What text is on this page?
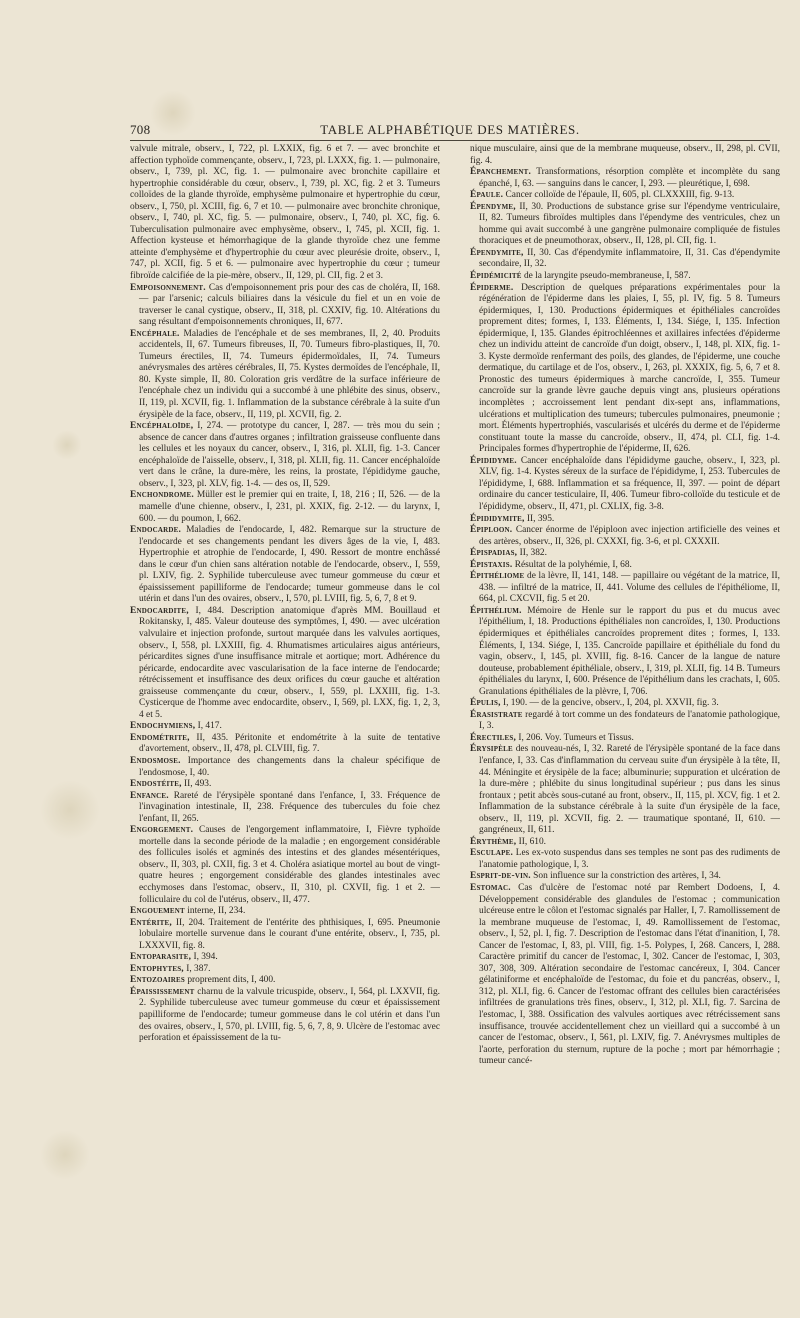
708	TABLE ALPHABÉTIQUE DES MATIÈRES.

valvule mitrale, observ., I, 722, pl. LXXIX, fig. 6 et 7. — avec bronchite et affection typhoïde commençante, observ., I, 723, pl. LXXX, fig. 1. — pulmonaire, observ., I, 739, pl. XC, fig. 1. — pulmonaire avec bronchite capillaire et hypertrophie considérable du cœur, observ., I, 739, pl. XC, fig. 2 et 3. Tumeurs colloïdes de la glande thyroïde, emphysème pulmonaire et hypertrophie du cœur, observ., I, 750, pl. XCIII, fig. 6, 7 et 10. — pulmonaire avec bronchite chronique, observ., I, 740, pl. XC, fig. 5. — pulmonaire, observ., I, 740, pl. XC, fig. 6. Tuberculisation pulmonaire avec emphysème, observ., I, 745, pl. XCII, fig. 1. Affection kysteuse et hémorrhagique de la glande thyroïde chez une femme atteinte d'emphysème et d'hypertrophie du cœur avec pleurésie droite, observ., I, 747, pl. XCII, fig. 5 et 6. — pulmonaire avec hypertrophie du cœur ; tumeur fibroïde calcifiée de la pie-mère, observ., II, 129, pl. CII, fig. 2 et 3.

Empoisonnement. Cas d'empoisonnement pris pour des cas de choléra, II, 168. — par l'arsenic; calculs biliaires dans la vésicule du fiel et un en voie de traverser le canal cystique, observ., II, 318, pl. CXXIV, fig. 10. Altérations du sang résultant d'empoisonnements chroniques, II, 677.

Encéphale. Maladies de l'encéphale et de ses membranes, II, 2, 40. Produits accidentels, II, 67. Tumeurs fibreuses, II, 70. Tumeurs fibro-plastiques, II, 70. Tumeurs érectiles, II, 74. Tumeurs épidermoïdales, II, 74. Tumeurs anévrysmales des artères cérébrales, II, 75. Kystes dermoïdes de l'encéphale, II, 80. Kyste simple, II, 80. Coloration gris verdâtre de la surface inférieure de l'encéphale chez un individu qui a succombé à une phlébite des sinus, observ., II, 119, pl. XCVII, fig. 1. Inflammation de la substance cérébrale à la suite d'un érysipèle de la face, observ., II, 119, pl. XCVII, fig. 2.

Encéphaloïde, I, 274. — prototype du cancer, I, 287. — très mou du sein ; absence de cancer dans d'autres organes ; infiltration graisseuse confluente dans les cellules et les noyaux du cancer, observ., I, 316, pl. XLII, fig. 1-3. Cancer encéphaloïde de l'aisselle, observ., I, 318, pl. XLII, fig. 11. Cancer encéphaloïde vert dans le crâne, la dure-mère, les reins, la prostate, l'épididyme gauche, observ., I, 323, pl. XLV, fig. 1-4. — des os, II, 529.

Enchondrome. Müller est le premier qui en traite, I, 18, 216 ; II, 526. — de la mamelle d'une chienne, observ., I, 231, pl. XXIX, fig. 2-12. — du larynx, I, 600. — du poumon, I, 662.

Endocarde. Maladies de l'endocarde, I, 482. Remarque sur la structure de l'endocarde et ses changements pendant les divers âges de la vie, I, 483. Hypertrophie et atrophie de l'endocarde, I, 490. Ressort de montre enchâssé dans le cœur d'un chien sans altération notable de l'endocarde, observ., I, 559, pl. LXIV, fig. 2. Syphilide tuberculeuse avec tumeur gommeuse du cœur et épaississement papilliforme de l'endocarde; tumeur gommeuse dans le col utérin et dans l'un des ovaires, observ., I, 570, pl. LVIII, fig. 5, 6, 7, 8 et 9.

Endocardite, I, 484. Description anatomique d'après MM. Bouillaud et Rokitansky, I, 485. Valeur douteuse des symptômes, I, 490. — avec ulcération valvulaire et injection profonde, surtout marquée dans les valvules aortiques, observ., I, 558, pl. LXXIII, fig. 4. Rhumatismes articulaires aigus antérieurs, péricardites signes d'une insuffisance mitrale et aortique; mort. Adhérence du péricarde, endocardite avec vascularisation de la face interne de l'endocarde; rétrécissement et insuffisance des deux orifices du cœur gauche et altération graisseuse commençante du cœur, observ., I, 559, pl. LXXIII, fig. 1-3. Cysticerque de l'homme avec endocardite, observ., I, 569, pl. LXX, fig. 1, 2, 3, 4 et 5.

Endochymiens, I, 417.

Endométrite, II, 435. Péritonite et endométrite à la suite de tentative d'avortement, observ., II, 478, pl. CLVIII, fig. 7.

Endosmose. Importance des changements dans la chaleur spécifique de l'endosmose, I, 40.

Endostéite, II, 493.

Enfance. Rareté de l'érysipèle spontané dans l'enfance, I, 33. Fréquence de l'invagination intestinale, II, 238. Fréquence des tubercules du foie chez l'enfant, II, 265.

Engorgement. Causes de l'engorgement inflammatoire, I, Fièvre typhoïde mortelle dans la seconde période de la maladie ; en engorgement considérable des follicules isolés et agminés des intestins et des glandes mésentériques, observ., II, 303, pl. CXII, fig. 3 et 4. Choléra asiatique mortel au bout de vingt-quatre heures ; engorgement considérable des glandes intestinales avec ecchymoses dans l'estomac, observ., II, 310, pl. CXVII, fig. 1 et 2. — folliculaire du col de l'utérus, observ., II, 477.

Engouement interne, II, 234.

Entérite, II, 204. Traitement de l'entérite des phthisiques, I, 695. Pneumonie lobulaire mortelle survenue dans le courant d'une entérite, observ., I, 735, pl. LXXXVII, fig. 8.

Entoparasite, I, 394.

Entophytes, I, 387.

Entozoaires proprement dits, I, 400.

Épaississement charnu de la valvule tricuspide, observ., I, 564, pl. LXXVII, fig. 2. Syphilide tuberculeuse avec tumeur gommeuse du cœur et épaississement papilliforme de l'endocarde; tumeur gommeuse dans le col utérin et dans l'un des ovaires, observ., I, 570, pl. LVIII, fig. 5, 6, 7, 8, 9. Ulcère de l'estomac avec perforation et épaississement de la tu-

nique musculaire, ainsi que de la membrane muqueuse, observ., II, 298, pl. CVII, fig. 4.

Épanchement. Transformations, résorption complète et incomplète du sang épanché, I, 63. — sanguins dans le cancer, I, 293. — pleurétique, I, 698.

Épaule. Cancer colloïde de l'épaule, II, 605, pl. CLXXXIII, fig. 9-13.

Épendyme, II, 30. Productions de substance grise sur l'épendyme ventriculaire, II, 82. Tumeurs fibroïdes multiples dans l'épendyme des ventricules, chez un homme qui avait succombé à une gangrène pulmonaire compliquée de fistules thoraciques et de pneumothorax, observ., II, 128, pl. CII, fig. 1.

Épendymite, II, 30. Cas d'épendymite inflammatoire, II, 31. Cas d'épendymite secondaire, II, 32.

Épidémicité de la laryngite pseudo-membraneuse, I, 587.

Épiderme. Description de quelques préparations expérimentales pour la régénération de l'épiderme dans les plaies, I, 55, pl. IV, fig. 5 8. Tumeurs épidermiques, I, 130. Productions épidermiques et épithéliales cancroïdes proprement dites; formes, I, 133. Éléments, I, 134. Siége, I, 135. Infection épidermique, I, 135. Glandes épitrochléennes et axillaires infectées d'épiderme chez un individu atteint de cancroïde d'un doigt, observ., I, 148, pl. XIX, fig. 1-3. Kyste dermoïde renfermant des poils, des glandes, de l'épiderme, une couche dermatique, du cartilage et de l'os, observ., I, 263, pl. XXXIX, fig. 5, 6, 7 et 8. Pronostic des tumeurs épidermiques à marche cancroïde, I, 355. Tumeur cancroïde sur la grande lèvre gauche depuis vingt ans, plusieurs opérations incomplètes ; accroissement lent pendant dix-sept ans, inflammations, ulcérations et multiplication des tumeurs; tubercules pulmonaires, pneumonie ; mort. Éléments hypertrophiés, vascularisés et ulcérés du derme et de l'épiderme constituant toute la masse du cancroïde, observ., II, 474, pl. CLI, fig. 1-4. Principales formes d'hypertrophie de l'épiderme, II, 626.

Épididyme. Cancer encéphaloïde dans l'épididyme gauche, observ., I, 323, pl. XLV, fig. 1-4. Kystes séreux de la surface de l'épididyme, I, 253. Tubercules de l'épididyme, I, 688. Inflammation et sa fréquence, II, 397. — point de départ ordinaire du cancer testiculaire, II, 406. Tumeur fibro-colloïde du testicule et de l'épididyme, observ., II, 471, pl. CXLIX, fig. 3-8.

Épididymite, II, 395.

Épiploon. Cancer énorme de l'épiploon avec injection artificielle des veines et des artères, observ., II, 326, pl. CXXXI, fig. 3-6, et pl. CXXXII.

Épispadias, II, 382.

Épistaxis. Résultat de la polyhémie, I, 68.

Épithéliome de la lèvre, II, 141, 148. — papillaire ou végétant de la matrice, II, 438. — infiltré de la matrice, II, 441. Volume des cellules de l'épithéliome, II, 664, pl. CXCVII, fig. 5 et 20.

Épithélium. Mémoire de Henle sur le rapport du pus et du mucus avec l'épithélium, I, 18. Productions épithéliales non cancroïdes, I, 130. Productions épidermiques et épithéliales cancroïdes proprement dites ; formes, I, 133. Éléments, I, 134. Siége, I, 135. Cancroïde papillaire et épithéliale du fond du vagin, observ., I, 145, pl. XVIII, fig. 8-16. Cancer de la langue de nature douteuse, probablement épithéliale, observ., I, 319, pl. XLII, fig. 14 B. Tumeurs épithéliales du larynx, I, 600. Présence de l'épithélium dans les crachats, I, 605. Granulations épithéliales de la plèvre, I, 706.

Épulis, I, 190. — de la gencive, observ., I, 204, pl. XXVII, fig. 3.

Érasistrate regardé à tort comme un des fondateurs de l'anatomie pathologique, I, 3.

Érectiles, I, 206. Voy. Tumeurs et Tissus.

Érysipèle des nouveau-nés, I, 32. Rareté de l'érysipèle spontané de la face dans l'enfance, I, 33. Cas d'inflammation du cerveau suite d'un érysipèle à la tête, II, 44. Méningite et érysipèle de la face; albuminurie; suppuration et ulcération de la dure-mère ; phlébite du sinus longitudinal supérieur ; pus dans les sinus frontaux ; petit abcès sous-cutané au front, observ., II, 115, pl. XCV, fig. 1 et 2. Inflammation de la substance cérébrale à la suite d'un érysipèle de la face, observ., II, 119, pl. XCVII, fig. 2. — traumatique spontané, II, 610. — gangréneux, II, 611.

Érythème, II, 610.

Esculape. Les ex-voto suspendus dans ses temples ne sont pas des rudiments de l'anatomie pathologique, I, 3.

Esprit-de-vin. Son influence sur la constriction des artères, I, 34.

Estomac. Cas d'ulcère de l'estomac noté par Rembert Dodoens, I, 4. Développement considérable des glandules de l'estomac ; communication ulcéreuse entre le côlon et l'estomac signalés par Haller, I, 7. Ramollissement de la membrane muqueuse de l'estomac, I, 49. Ramollissement de l'estomac, observ., I, 52, pl. I, fig. 7. Description de l'estomac dans l'état d'inanition, I, 78. Cancer de l'estomac, I, 83, pl. VIII, fig. 1-5. Polypes, I, 268. Cancers, I, 288. Caractère primitif du cancer de l'estomac, I, 302. Cancer de l'estomac, I, 303, 307, 308, 309. Altération secondaire de l'estomac cancéreux, I, 304. Cancer gélatiniforme et encéphaloïde de l'estomac, du foie et du pancréas, observ., I, 312, pl. XLI, fig. 6. Cancer de l'estomac offrant des cellules bien caractérisées infiltrées de granulations très fines, observ., I, 312, pl. XLI, fig. 7. Sarcina de l'estomac, I, 388. Ossification des valvules aortiques avec rétrécissement sans insuffisance, trouvée accidentellement chez un vieillard qui a succombé à un cancer de l'estomac, observ., I, 561, pl. LXIV, fig. 7. Anévrysmes multiples de l'aorte, perforation du sternum, rupture de la poche ; mort par hémorrhagie ; tumeur cancé-
